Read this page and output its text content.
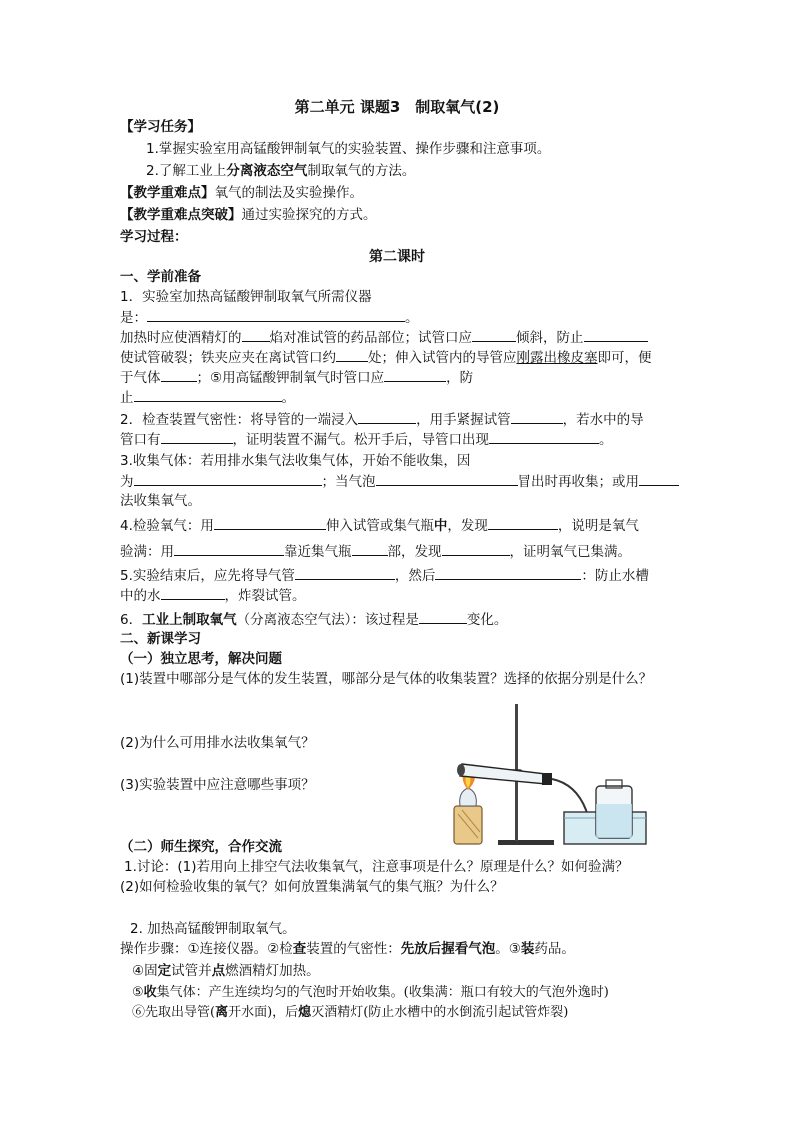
第二单元 课题3　制取氧气(2)
【学习任务】
1.掌握实验室用高锰酸钾制氧气的实验装置、操作步骤和注意事项。
2.了解工业上分离液态空气制取氧气的方法。
【教学重难点】氧气的制法及实验操作。
【教学重难点突破】通过实验探究的方式。
学习过程：
第二课时
一、学前准备
1．实验室加热高锰酸钾制取氧气所需仪器
是：	。
加热时应使酒精灯的 焰对准试管的药品部位；试管口应	倾斜，防止
使试管破裂；铁夹应夹在离试管口约 处；伸入试管内的导管应刚露出橡皮塞即可，便
于气体	；⑤用高锰酸钾制氧气时管口应	，防
止	。
2．检查装置气密性：将导管的一端浸入	，用手紧握试管	，若水中的导
管口有	，证明装置不漏气。松开手后，导管口出现	。
3.收集气体：若用排水集气法收集气体，开始不能收集，因
为	；当气泡	冒出时再收集；或用
法收集氧气。
4.检验氧气：用	伸入试管或集气瓶中，发现	，说明是氧气
验满：用	靠近集气瓶	部，发现	，证明氧气已集满。
5.实验结束后，应先将导气管	，然后	：防止水槽
中的水	，炸裂试管。
6．工业上制取氧气（分离液态空气法）：该过程是	变化。
二、新课学习
（一）独立思考，解决问题
(1)装置中哪部分是气体的发生装置，哪部分是气体的收集装置？选择的依据分别是什么？
(2)为什么可用排水法收集氧气？
(3)实验装置中应注意哪些事项？
（二）师生探究，合作交流
1.讨论：(1)若用向上排空气法收集氧气，注意事项是什么？原理是什么？如何验满？
(2)如何检验收集的氧气？如何放置集满氧气的集气瓶？为什么？
2. 加热高锰酸钾制取氧气。
操作步骤：①连接仪器。②检查装置的气密性：先放后握看气泡。③装药品。
④固定试管并点燃酒精灯加热。
⑤收集气体：产生连续均匀的气泡时开始收集。(收集满：瓶口有较大的气泡外逸时)
⑥先取出导管(离开水面)，后熄灭酒精灯(防止水槽中的水倒流引起试管炸裂)
